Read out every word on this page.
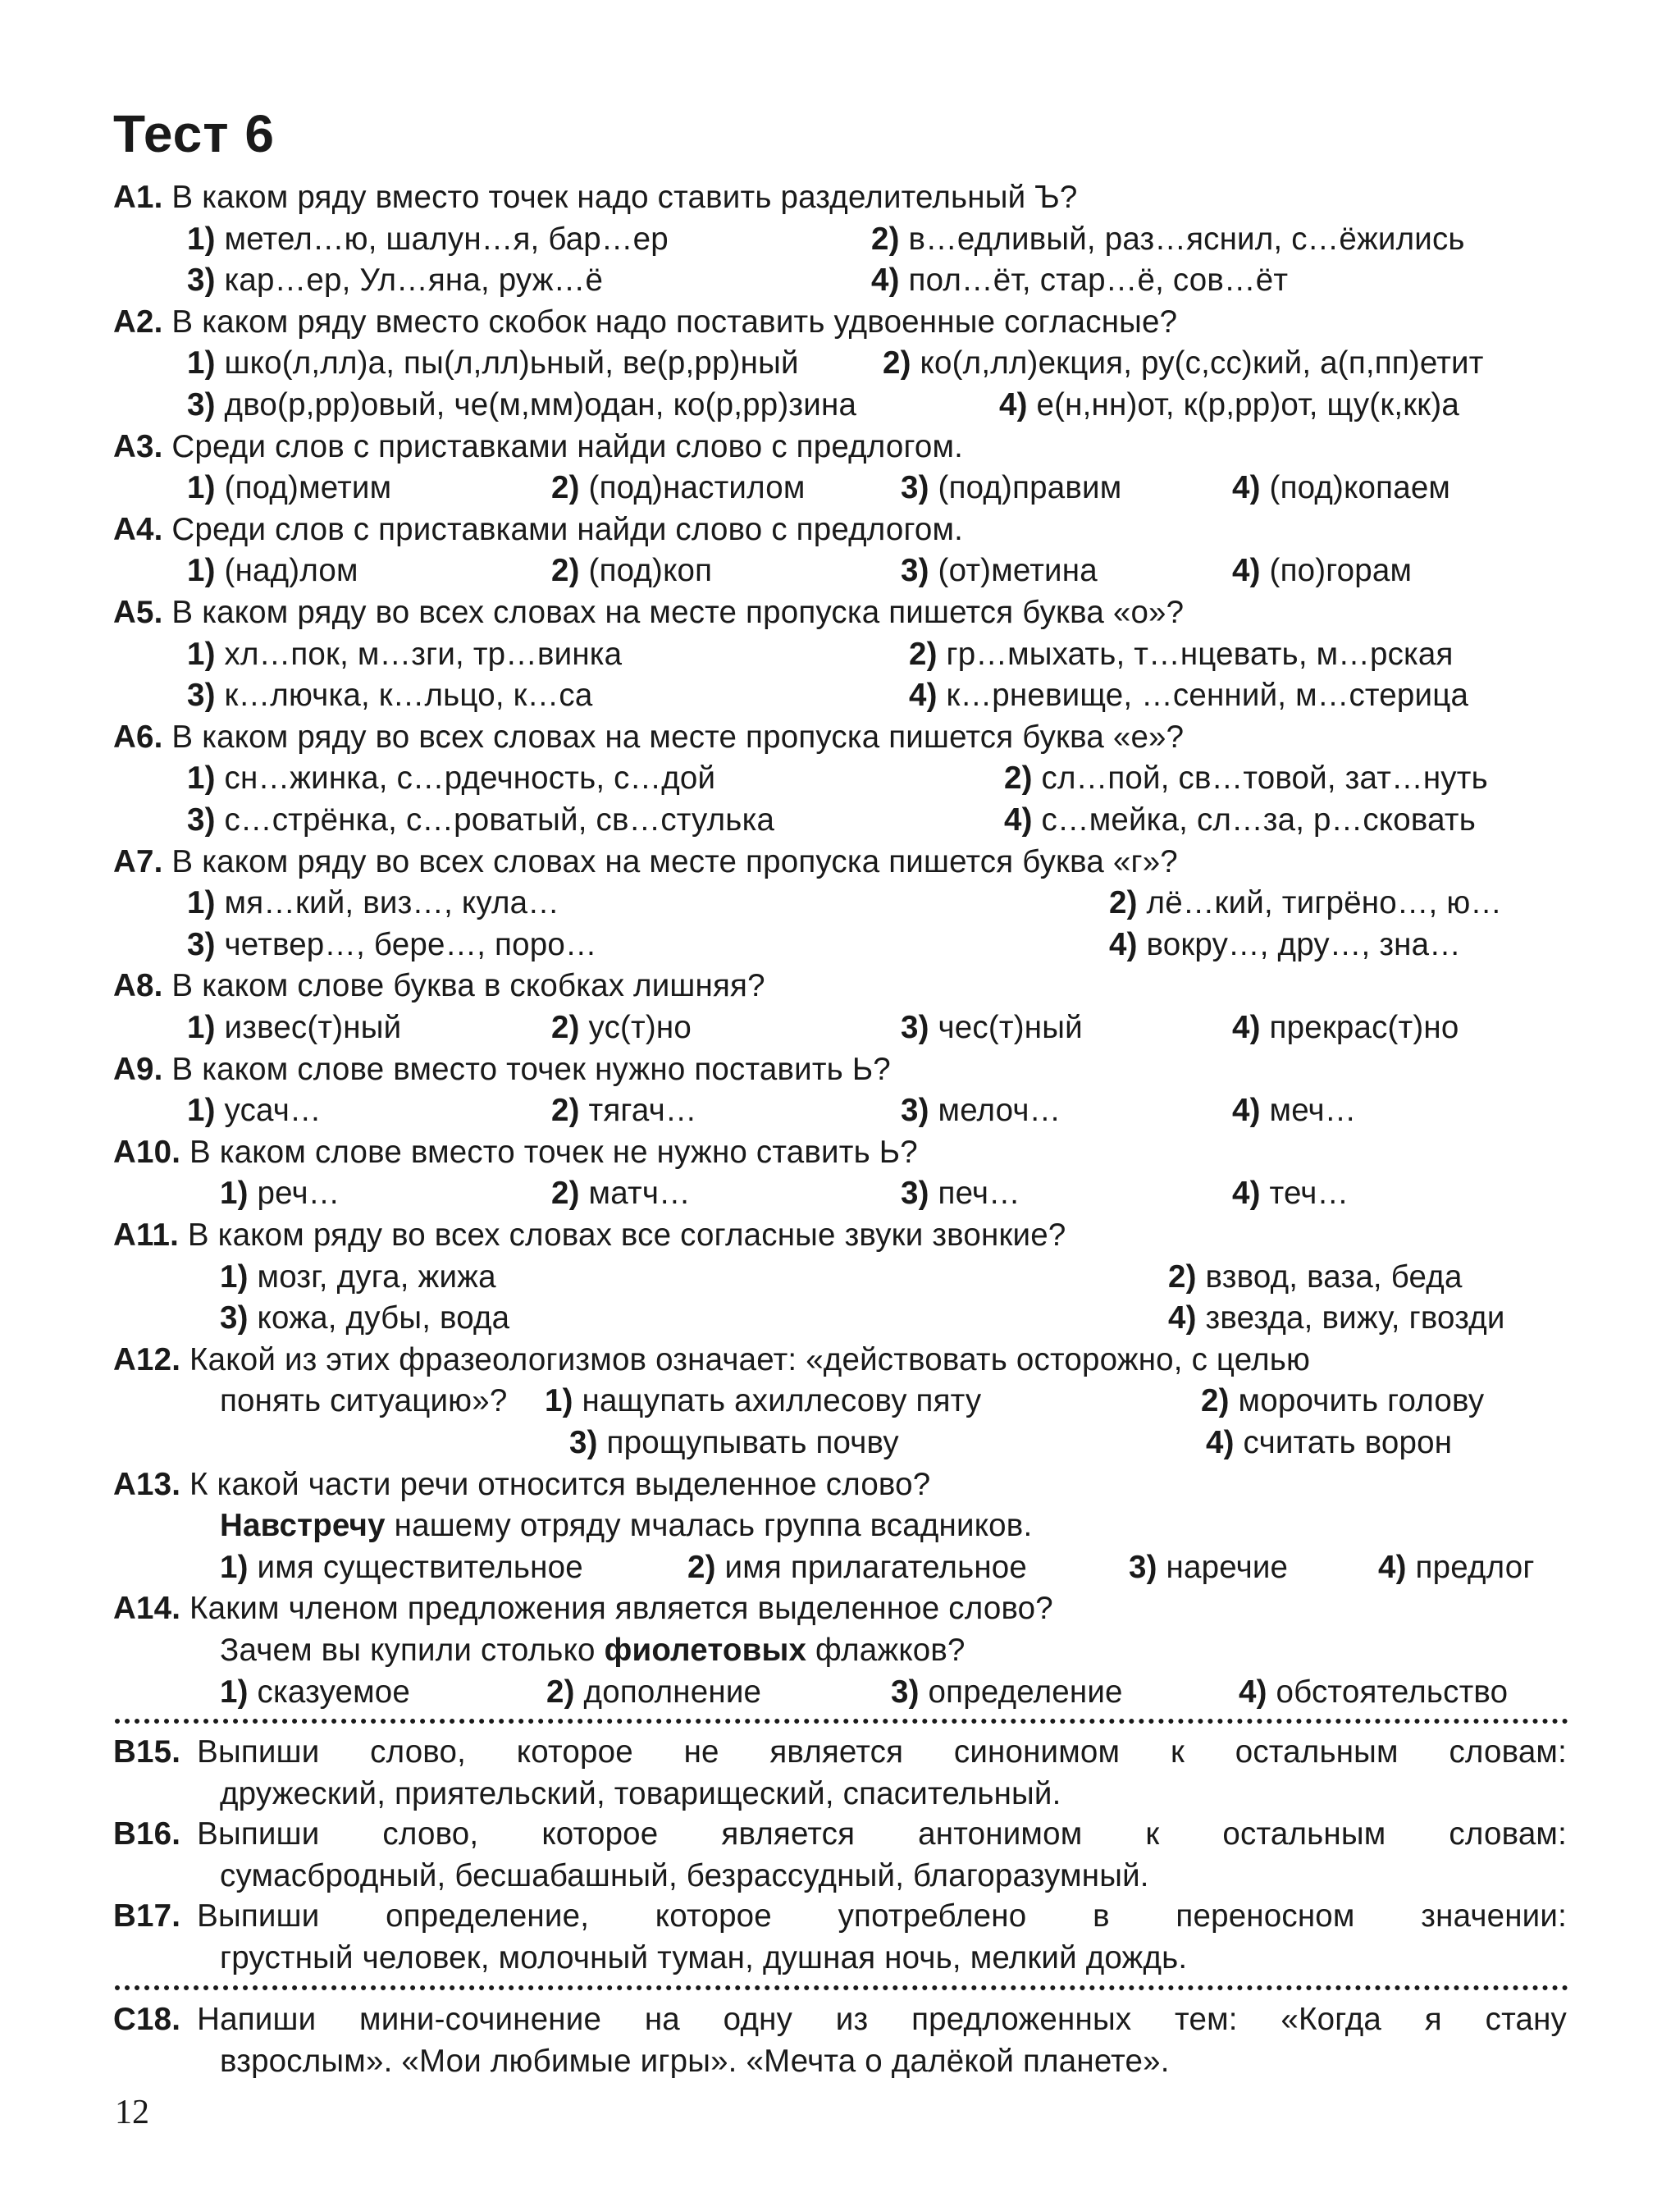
Тест 6
А1. В каком ряду вместо точек надо ставить разделительный Ъ?
1) метел…ю, шалун…я, бар…ер	2) в…едливый, раз…яснил, с…ёжились
3) кар…ер, Ул…яна, руж…ё	4) пол…ёт, стар…ё, сов…ёт
А2. В каком ряду вместо скобок надо поставить удвоенные согласные?
1) шко(л,лл)а, пы(л,лл)ьный, ве(р,рр)ный	2) ко(л,лл)екция, ру(с,сс)кий, а(п,пп)етит
3) дво(р,рр)овый, че(м,мм)одан, ко(р,рр)зина	4) е(н,нн)от, к(р,рр)от, щу(к,кк)а
А3. Среди слов с приставками найди слово с предлогом.
1) (под)метим	2) (под)настилом	3) (под)правим	4) (под)копаем
А4. Среди слов с приставками найди слово с предлогом.
1) (над)лом	2) (под)коп	3) (от)метина	4) (по)горам
А5. В каком ряду во всех словах на месте пропуска пишется буква «о»?
1) хл…пок, м…зги, тр…винка	2) гр…мыхать, т…нцевать, м…рская
3) к…лючка, к…льцо, к…са	4) к…рневище, …сенний, м…стерица
А6. В каком ряду во всех словах на месте пропуска пишется буква «е»?
1) сн…жинка, с…рдечность, с…дой	2) сл…пой, св…товой, зат…нуть
3) с…стрёнка, с…роватый, св…стулька	4) с…мейка, сл…за, р…сковать
А7. В каком ряду во всех словах на месте пропуска пишется буква «г»?
1) мя…кий, виз…, кула…	2) лё…кий, тигрёно…, ю…
3) четвер…, бере…, поро…	4) вокру…, дру…, зна…
А8. В каком слове буква в скобках лишняя?
1) извес(т)ный	2) ус(т)но	3) чес(т)ный	4) прекрас(т)но
А9. В каком слове вместо точек нужно поставить Ь?
1) усач…	2) тягач…	3) мелоч…	4) меч…
А10. В каком слове вместо точек не нужно ставить Ь?
1) реч…	2) матч…	3) печ…	4) теч…
А11. В каком ряду во всех словах все согласные звуки звонкие?
1) мозг, дуга, жижа	2) взвод, ваза, беда
3) кожа, дубы, вода	4) звезда, вижу, гвозди
А12. Какой из этих фразеологизмов означает: «действовать осторожно, с целью
понять ситуацию»? 1) нащупать ахиллесову пяту	2) морочить голову
3) прощупывать почву	4) считать ворон
А13. К какой части речи относится выделенное слово?
Навстречу нашему отряду мчалась группа всадников.
1) имя существительное	2) имя прилагательное	3) наречие	4) предлог
А14. Каким членом предложения является выделенное слово?
Зачем вы купили столько фиолетовых флажков?
1) сказуемое	2) дополнение	3) определение	4) обстоятельство
В15. Выпиши слово, которое не является синонимом к остальным словам:
дружеский, приятельский, товарищеский, спасительный.
В16. Выпиши слово, которое является антонимом к остальным словам:
сумасбродный, бесшабашный, безрассудный, благоразумный.
В17. Выпиши определение, которое употреблено в переносном значении:
грустный человек, молочный туман, душная ночь, мелкий дождь.
С18. Напиши мини-сочинение на одну из предложенных тем: «Когда я стану
взрослым». «Мои любимые игры». «Мечта о далёкой планете».
12
